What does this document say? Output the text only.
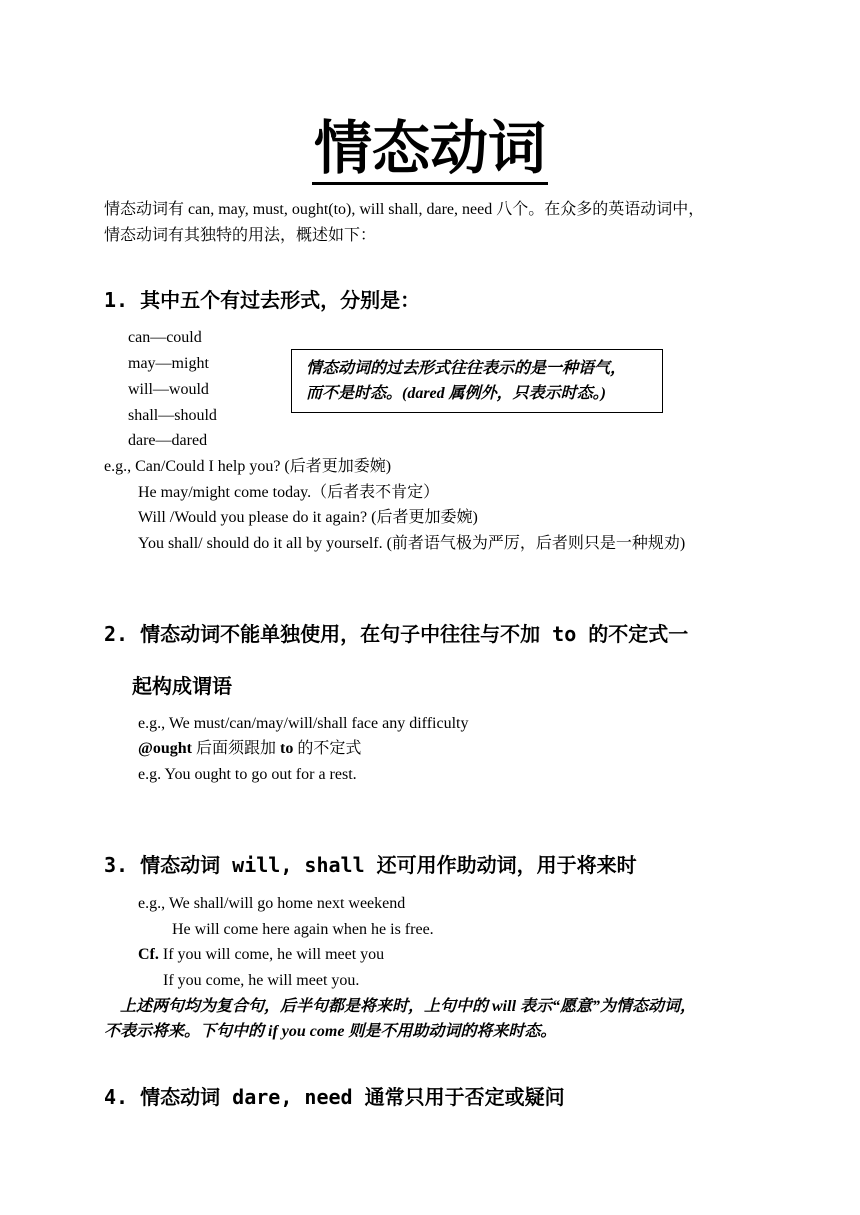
情态动词
情态动词有 can, may, must, ought(to), will shall, dare, need 八个。在众多的英语动词中，
情态动词有其独特的用法，概述如下：
1. 其中五个有过去形式，分别是：
can—could
may—might
will—would
shall—should
dare—dared
情态动词的过去形式往往表示的是一种语气，
而不是时态。(dared 属例外，只表示时态。)
e.g., Can/Could I help you? (后者更加委婉)
He may/might come today.（后者表不肯定）
Will /Would you please do it again? (后者更加委婉)
You shall/ should do it all by yourself. (前者语气极为严厉，后者则只是一种规劝)
2. 情态动词不能单独使用，在句子中往往与不加 to 的不定式一
起构成谓语
e.g., We must/can/may/will/shall face any difficulty
@ought 后面须跟加 to 的不定式
e.g. You ought to go out for a rest.
3. 情态动词 will, shall 还可用作助动词，用于将来时
e.g., We shall/will go home next weekend
He will come here again when he is free.
Cf. If you will come, he will meet you
If you come, he will meet you.
上述两句均为复合句，后半句都是将来时，上句中的 will 表示“愿意”为情态动词，
不表示将来。下句中的 if you come 则是不用助动词的将来时态。
4. 情态动词 dare, need 通常只用于否定或疑问
